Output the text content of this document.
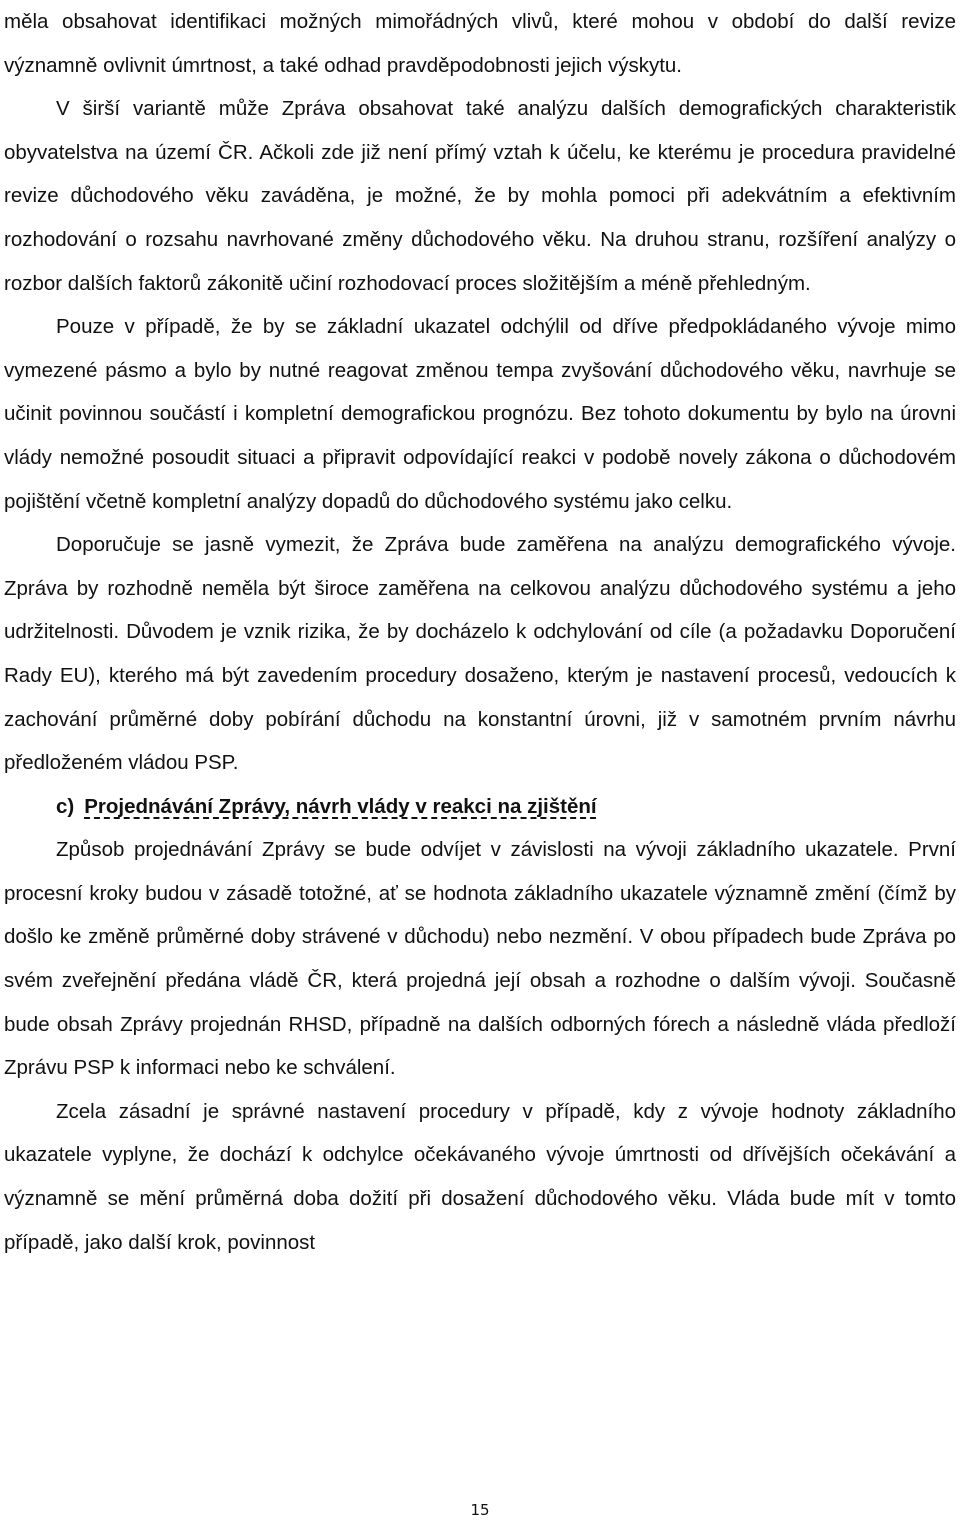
měla obsahovat identifikaci možných mimořádných vlivů, které mohou v období do další revize významně ovlivnit úmrtnost, a také odhad pravděpodobnosti jejich výskytu.

V širší variantě může Zpráva obsahovat také analýzu dalších demografických charakteristik obyvatelstva na území ČR. Ačkoli zde již není přímý vztah k účelu, ke kterému je procedura pravidelné revize důchodového věku zaváděna, je možné, že by mohla pomoci při adekvátním a efektivním rozhodování o rozsahu navrhované změny důchodového věku. Na druhou stranu, rozšíření analýzy o rozbor dalších faktorů zákonitě učiní rozhodovací proces složitějším a méně přehledným.

Pouze v případě, že by se základní ukazatel odchýlil od dříve předpokládaného vývoje mimo vymezené pásmo a bylo by nutné reagovat změnou tempa zvyšování důchodového věku, navrhuje se učinit povinnou součástí i kompletní demografickou prognózu. Bez tohoto dokumentu by bylo na úrovni vlády nemožné posoudit situaci a připravit odpovídající reakci v podobě novely zákona o důchodovém pojištění včetně kompletní analýzy dopadů do důchodového systému jako celku.

Doporučuje se jasně vymezit, že Zpráva bude zaměřena na analýzu demografického vývoje. Zpráva by rozhodně neměla být široce zaměřena na celkovou analýzu důchodového systému a jeho udržitelnosti. Důvodem je vznik rizika, že by docházelo k odchylování od cíle (a požadavku Doporučení Rady EU), kterého má být zavedením procedury dosaženo, kterým je nastavení procesů, vedoucích k zachování průměrné doby pobírání důchodu na konstantní úrovni, již v samotném prvním návrhu předloženém vládou PSP.

c) Projednávání Zprávy, návrh vlády v reakci na zjištění

Způsob projednávání Zprávy se bude odvíjet v závislosti na vývoji základního ukazatele. První procesní kroky budou v zásadě totožné, ať se hodnota základního ukazatele významně změní (čímž by došlo ke změně průměrné doby strávené v důchodu) nebo nezmění. V obou případech bude Zpráva po svém zveřejnění předána vládě ČR, která projedná její obsah a rozhodne o dalším vývoji. Současně bude obsah Zprávy projednán RHSD, případně na dalších odborných fórech a následně vláda předloží Zprávu PSP k informaci nebo ke schválení.

Zcela zásadní je správné nastavení procedury v případě, kdy z vývoje hodnoty základního ukazatele vyplyne, že dochází k odchylce očekávaného vývoje úmrtnosti od dřívějších očekávání a významně se mění průměrná doba dožití při dosažení důchodového věku. Vláda bude mít v tomto případě, jako další krok, povinnost

15
